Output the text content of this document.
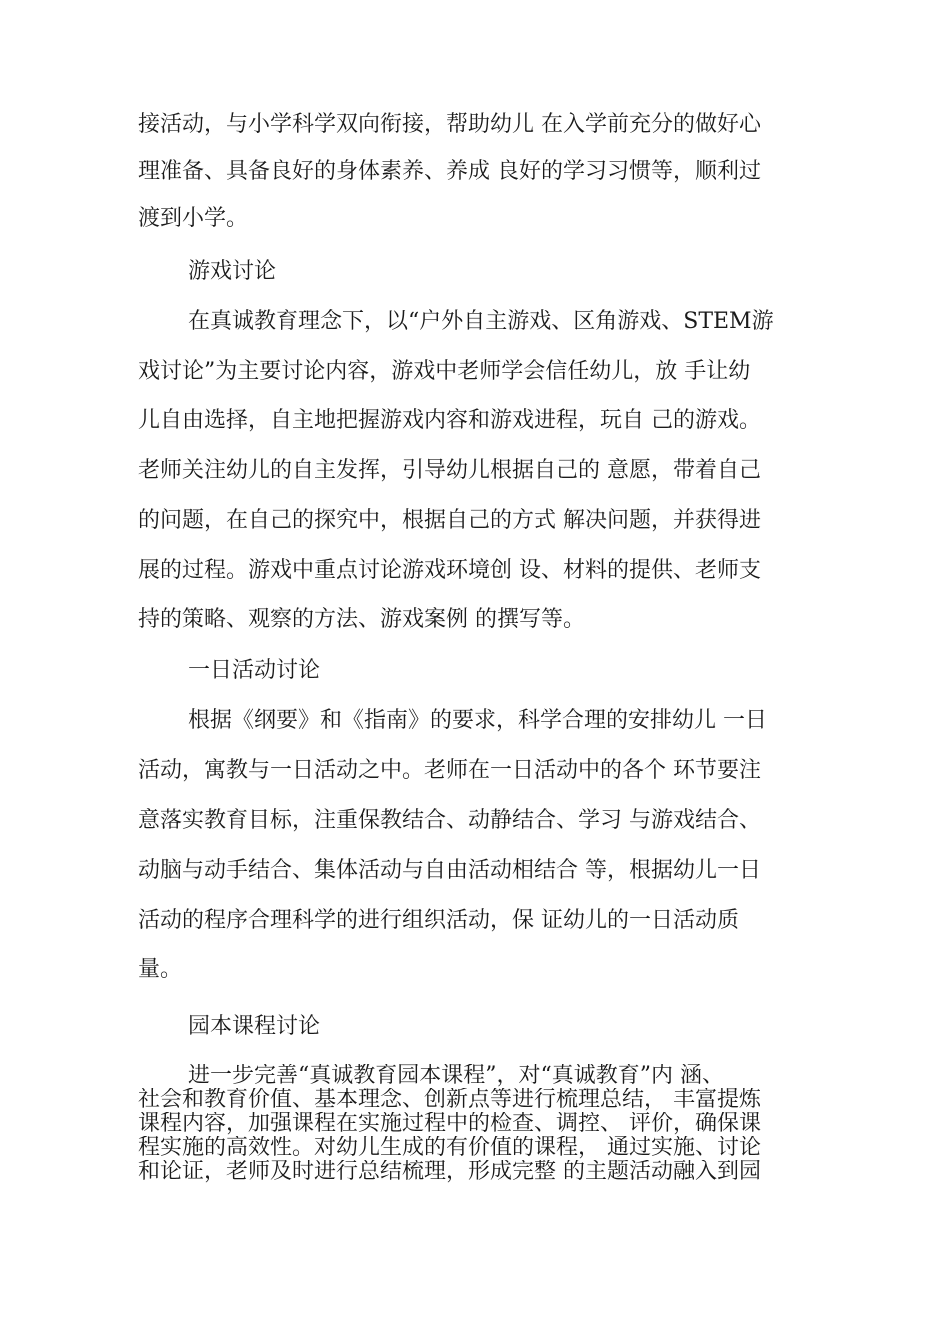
接活动，与小学科学双向衔接，帮助幼儿 在入学前充分的做好心
理准备、具备良好的身体素养、养成 良好的学习习惯等，顺利过
渡到小学。
游戏讨论
在真诚教育理念下，以“户外自主游戏、区角游戏、STEM游
戏讨论”为主要讨论内容，游戏中老师学会信任幼儿，放 手让幼
儿自由选择，自主地把握游戏内容和游戏进程，玩自 己的游戏。
老师关注幼儿的自主发挥，引导幼儿根据自己的 意愿，带着自己
的问题，在自己的探究中，根据自己的方式 解决问题，并获得进
展的过程。游戏中重点讨论游戏环境创 设、材料的提供、老师支
持的策略、观察的方法、游戏案例 的撰写等。
一日活动讨论
根据《纲要》和《指南》的要求，科学合理的安排幼儿 一日
活动，寓教与一日活动之中。老师在一日活动中的各个 环节要注
意落实教育目标，注重保教结合、动静结合、学习 与游戏结合、
动脑与动手结合、集体活动与自由活动相结合 等，根据幼儿一日
活动的程序合理科学的进行组织活动，保 证幼儿的一日活动质
量。
园本课程讨论
进一步完善“真诚教育园本课程”，对“真诚教育”内 涵、
社会和教育价值、基本理念、创新点等进行梳理总结， 丰富提炼
课程内容，加强课程在实施过程中的检查、调控、 评价，确保课
程实施的高效性。对幼儿生成的有价值的课程， 通过实施、讨论
和论证，老师及时进行总结梳理，形成完整 的主题活动融入到园
